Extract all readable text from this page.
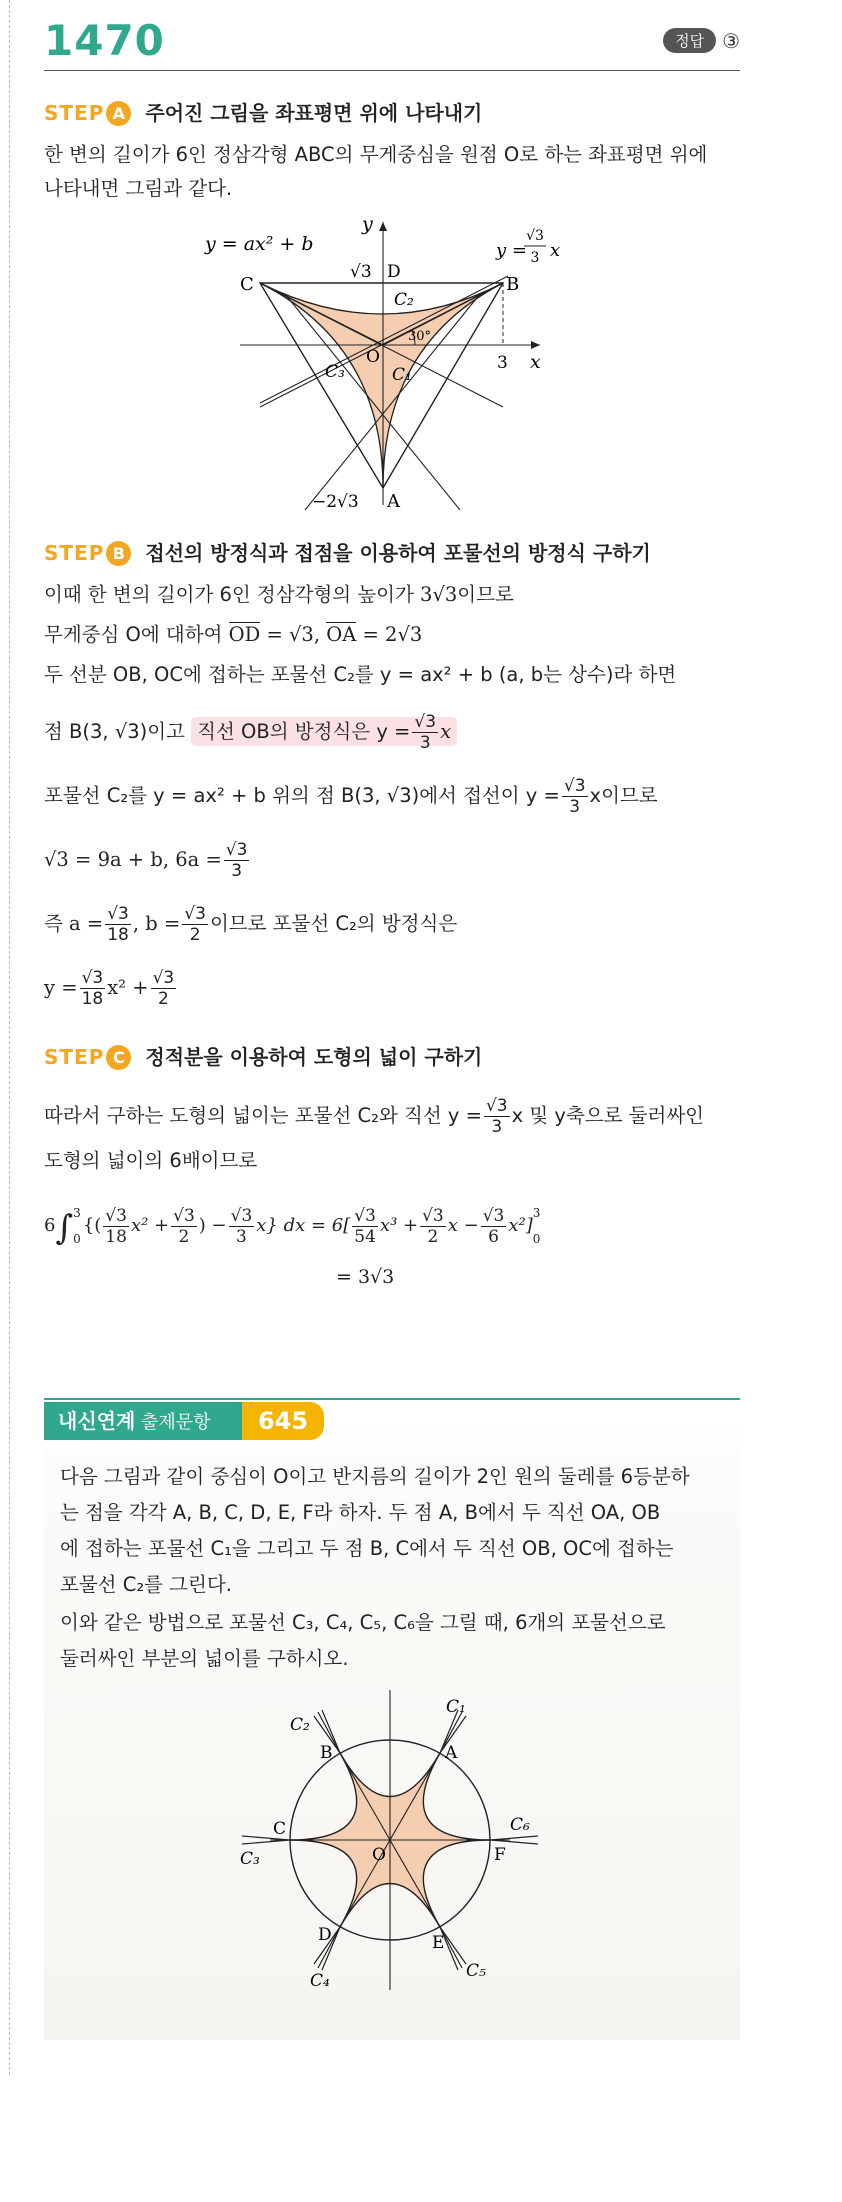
1470	정답 ③
STEP A 주어진 그림을 좌표평면 위에 나타내기
한 변의 길이가 6인 정삼각형 ABC의 무게중심을 원점 O로 하는 좌표평면 위에
나타내면 그림과 같다.
y = ax² + b	y =
√3
3 x
y
x
√3 D
C	B
A
O
C₁
C₂
C₃
30°
3
−2√3
STEP B 접선의 방정식과 접점을 이용하여 포물선의 방정식 구하기
이때 한 변의 길이가 6인 정삼각형의 높이가 3√3이므로
무게중심 O에 대하여 OD = √3, OA = 2√3
두 선분 OB, OC에 접하는 포물선 C₂를 y = ax² + b (a, b는 상수)라 하면
점 B(3, √3)이고 직선 OB의 방정식은 $y = \frac{√3}{3}$ x
포물선 C₂를 y = ax² + b 위의 점 B(3, √3)에서 접선이 $y = \frac{√3}{3}$ x이므로
√3 = 9a + b, $6a = \frac{√3}{3}$
즉 $a = \frac{√3}{18}$ , $b = \frac{√3}{2}$ 이므로 포물선 C₂의 방정식은
$y = \frac{√3}{18} x^2 + \frac{√3}{2}$
STEP C 정적분을 이용하여 도형의 넓이 구하기
따라서 구하는 도형의 넓이는 포물선 C₂와 직선 $y = \frac{√3}{3}$ x 및 y축으로 둘러싸인
도형의 넓이의 6배이므로
6∫ 3
0
{( $\frac{√3}{18} x^2 + \frac{√3}{2}$ ) − $\frac{√3}{3} x$} dx = $6[ \frac{√3}{54} x^3 + \frac{√3}{2}$ $x - \frac{√3}{6} x^2$]
3
0
= 3√3
내신연계 출제문항	645
다음 그림과 같이 중심이 O이고 반지름의 길이가 2인 원의 둘레를 6등분하
는 점을 각각 A, B, C, D, E, F라 하자. 두 점 A, B에서 두 직선 OA, OB
에 접하는 포물선 C₁을 그리고 두 점 B, C에서 두 직선 OB, OC에 접하는
포물선 C₂를 그린다.
이와 같은 방법으로 포물선 C₃, C₄, C₅, C₆을 그릴 때, 6개의 포물선으로
둘러싸인 부분의 넓이를 구하시오.
A
B
C
D	E
F
O
C₁
C₂
C₃
C₄	C₅
C₆
